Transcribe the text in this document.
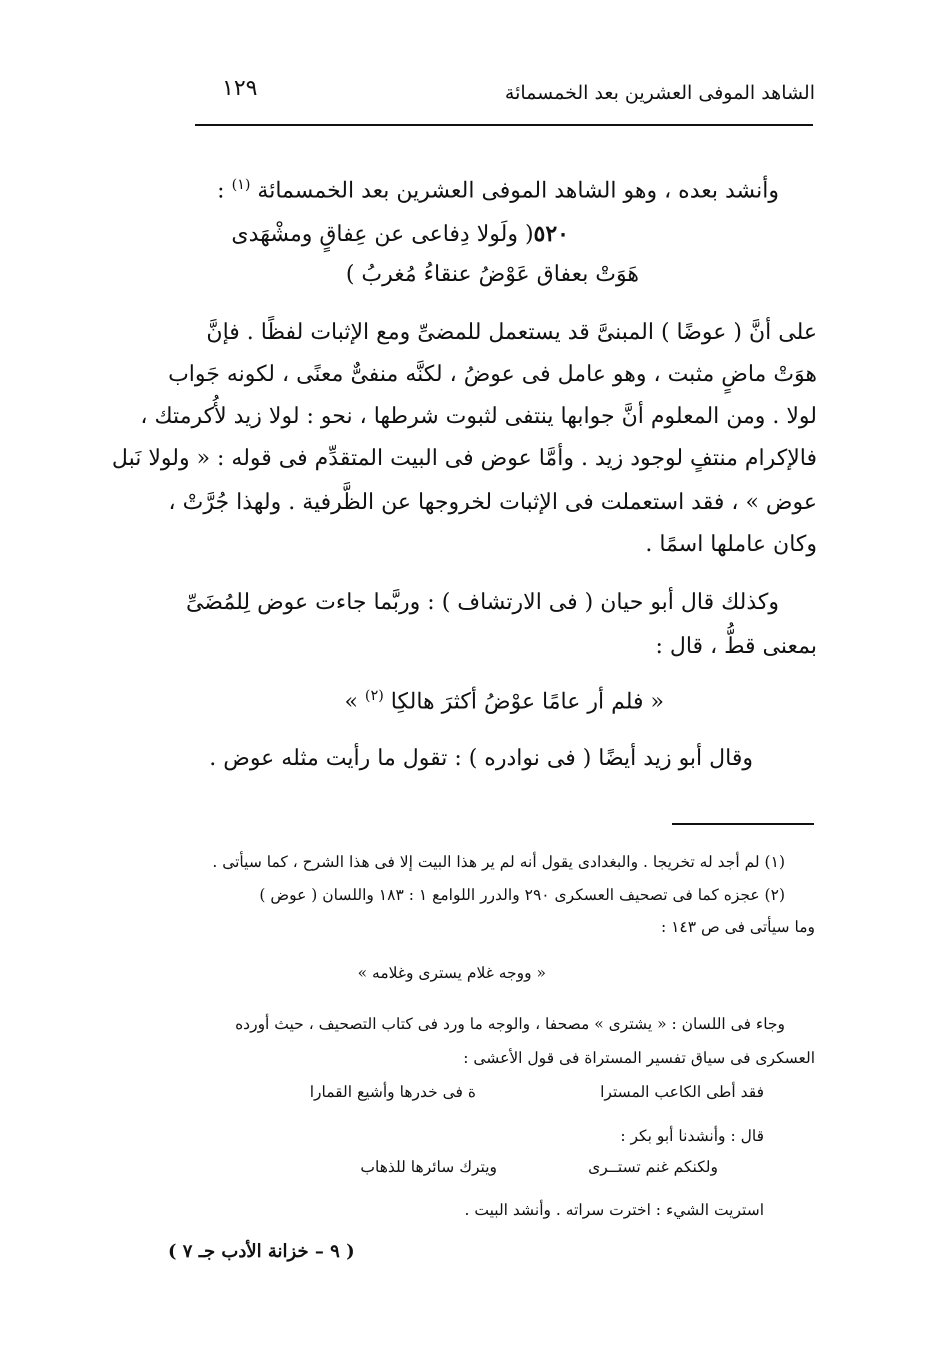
الشاهد الموفى العشرين بعد الخمسمائة
١٢٩
وأنشد بعده ، وهو الشاهد الموفى العشرين بعد الخمسمائة $^{(١)}$ :
٥٢٠( ولَولا دِفاعى عن عِفاقٍ ومشْهَدى
هَوَتْ بعفاق عَوْضُ عنقاءُ مُغربُ )
على أنَّ ( عوضًا ) المبنىَّ قد يستعمل للمضىِّ ومع الإثبات لفظًا . فإنَّ
هوَتْ ماضٍ مثبت ، وهو عامل فى عوضُ ، لكنَّه منفىٌّ معنًى ، لكونه جَواب
لولا . ومن المعلوم أنَّ جوابها ينتفى لثبوت شرطها ، نحو : لولا زيد لأُكرمتك ،
فالإكرام منتفٍ لوجود زيد . وأمَّا عوض فى البيت المتقدِّم فى قوله : « ولولا نَبل
عوض » ، فقد استعملت فى الإثبات لخروجها عن الظَّرفية . ولهذا جُرَّتْ ،
وكان عاملها اسمًا .
وكذلك قال أبو حيان ( فى الارتشاف ) : وربَّما جاءت عوض لِلمُضَىِّ
بمعنى قطُّ ، قال :
« فلم أر عامًا عوْضُ أكثرَ هالكِا $^{(٢)}$ »
وقال أبو زيد أيضًا ( فى نوادره ) : تقول ما رأيت مثله عوض .
(١) لم أجد له تخريجا . والبغدادى يقول أنه لم ير هذا البيت إلا فى هذا الشرح ، كما سيأتى .
(٢) عجزه كما فى تصحيف العسكرى ٢٩٠ والدرر اللوامع ١ : ١٨٣ واللسان ( عوض )
وما سيأتى فى ص ١٤٣ :
« ووجه غلام يسترى وغلامه »
وجاء فى اللسان : « يشترى » مصحفا ، والوجه ما ورد فى كتاب التصحيف ، حيث أورده
العسكرى فى سياق تفسير المستراة فى قول الأعشى :
فقد أطى الكاعب المسترا
ة فى خدرها وأشيع القمارا
قال : وأنشدنا أبو بكر :
ولكنكم غنم تستــرى
ويترك سائرها للذهاب
استريت الشيء : اخترت سراته . وأنشد البيت .
( ٩ – خزانة الأدب جـ ٧ )
